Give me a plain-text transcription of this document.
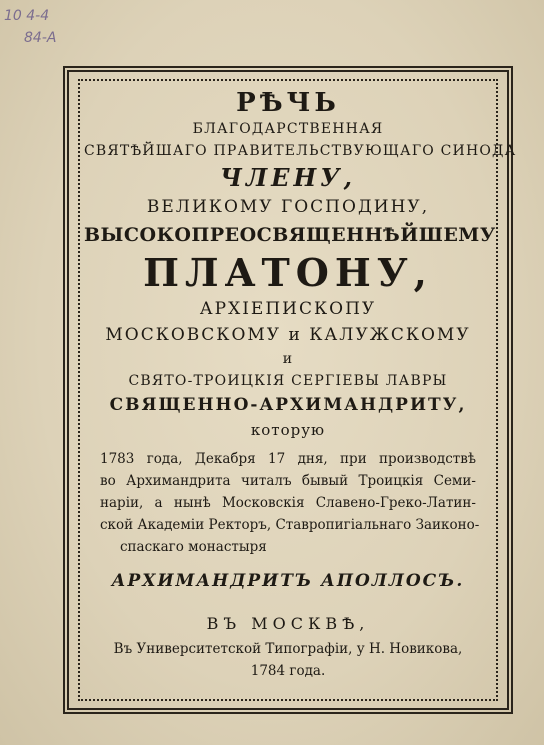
10 4-4
84-A

РѢЧЬ

БЛАГОДАРСТВЕННАЯ

СВЯТѢЙШАГО ПРАВИТЕЛЬСТВУЮЩАГО СИНОДА

ЧЛЕНУ,

ВЕЛИКОМУ ГОСПОДИНУ,

ВЫСОКОПРЕОСВЯЩЕННѢЙШЕМУ

ПЛАТОНУ,

АРХІЕПИСКОПУ

МОСКОВСКОМУ и КАЛУЖСКОМУ

и

СВЯТО-ТРОИЦКІЯ СЕРГІЕВЫ ЛАВРЫ

СВЯЩЕННО-АРХИМАНДРИТУ,

которую

1783 года, Декабря 17 дня, при производствѣ

во Архимандрита читалъ бывый Троицкія Семи-

наріи, а нынѣ Московскія Славено-Греко-Латин-

ской Академіи Ректоръ, Ставропигіальнаго Заиконо-

спаскаго монастыря

АРХИМАНДРИТЪ АПОЛЛОСЪ.

ВЪ МОСКВѢ,

Въ Университетской Типографіи, у Н. Новикова,

1784 года.
